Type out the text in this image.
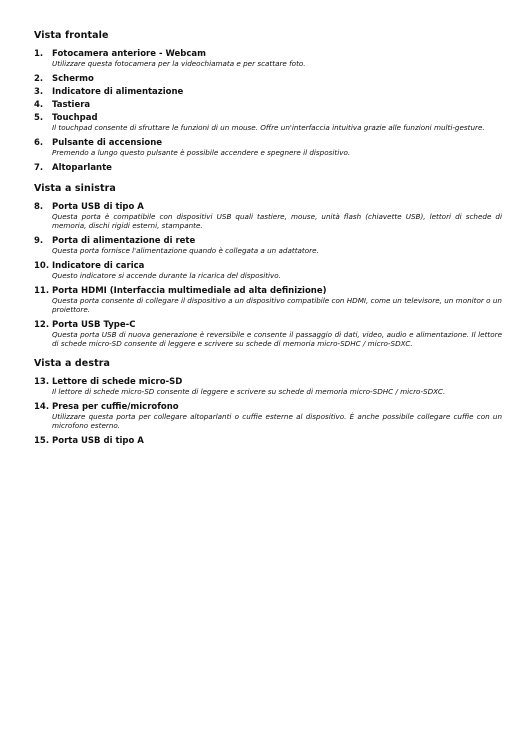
Vista frontale
1.	Fotocamera anteriore - Webcam
Utilizzare questa fotocamera per la videochiamata e per scattare foto.
2.	Schermo
3.	Indicatore di alimentazione
4.	Tastiera
5.	Touchpad
Il touchpad consente di sfruttare le funzioni di un mouse. Offre un'interfaccia intuitiva grazie alle funzioni multi-gesture.
6.	Pulsante di accensione
Premendo a lungo questo pulsante è possibile accendere e spegnere il dispositivo.
7.	Altoparlante
Vista a sinistra
8.	Porta USB di tipo A
Questa porta è compatibile con dispositivi USB quali tastiere, mouse, unità flash (chiavette USB), lettori di schede di memoria, dischi rigidi esterni, stampante.
9.	Porta di alimentazione di rete
Questa porta fornisce l'alimentazione quando è collegata a un adattatore.
10. Indicatore di carica
Questo indicatore si accende durante la ricarica del dispositivo.
11. Porta HDMI (Interfaccia multimediale ad alta definizione)
Questa porta consente di collegare il dispositivo a un dispositivo compatibile con HDMI, come un televisore, un monitor o un proiettore.
12. Porta USB Type-C
Questa porta USB di nuova generazione è reversibile e consente il passaggio di dati, video, audio e alimentazione. Il lettore di schede micro-SD consente di leggere e scrivere su schede di memoria micro-SDHC / micro-SDXC.
Vista a destra
13. Lettore di schede micro-SD
Il lettore di schede micro-SD consente di leggere e scrivere su schede di memoria micro-SDHC / micro-SDXC.
14. Presa per cuffie/microfono
Utilizzare questa porta per collegare altoparlanti o cuffie esterne al dispositivo. È anche possibile collegare cuffie con un microfono esterno.
15. Porta USB di tipo A
